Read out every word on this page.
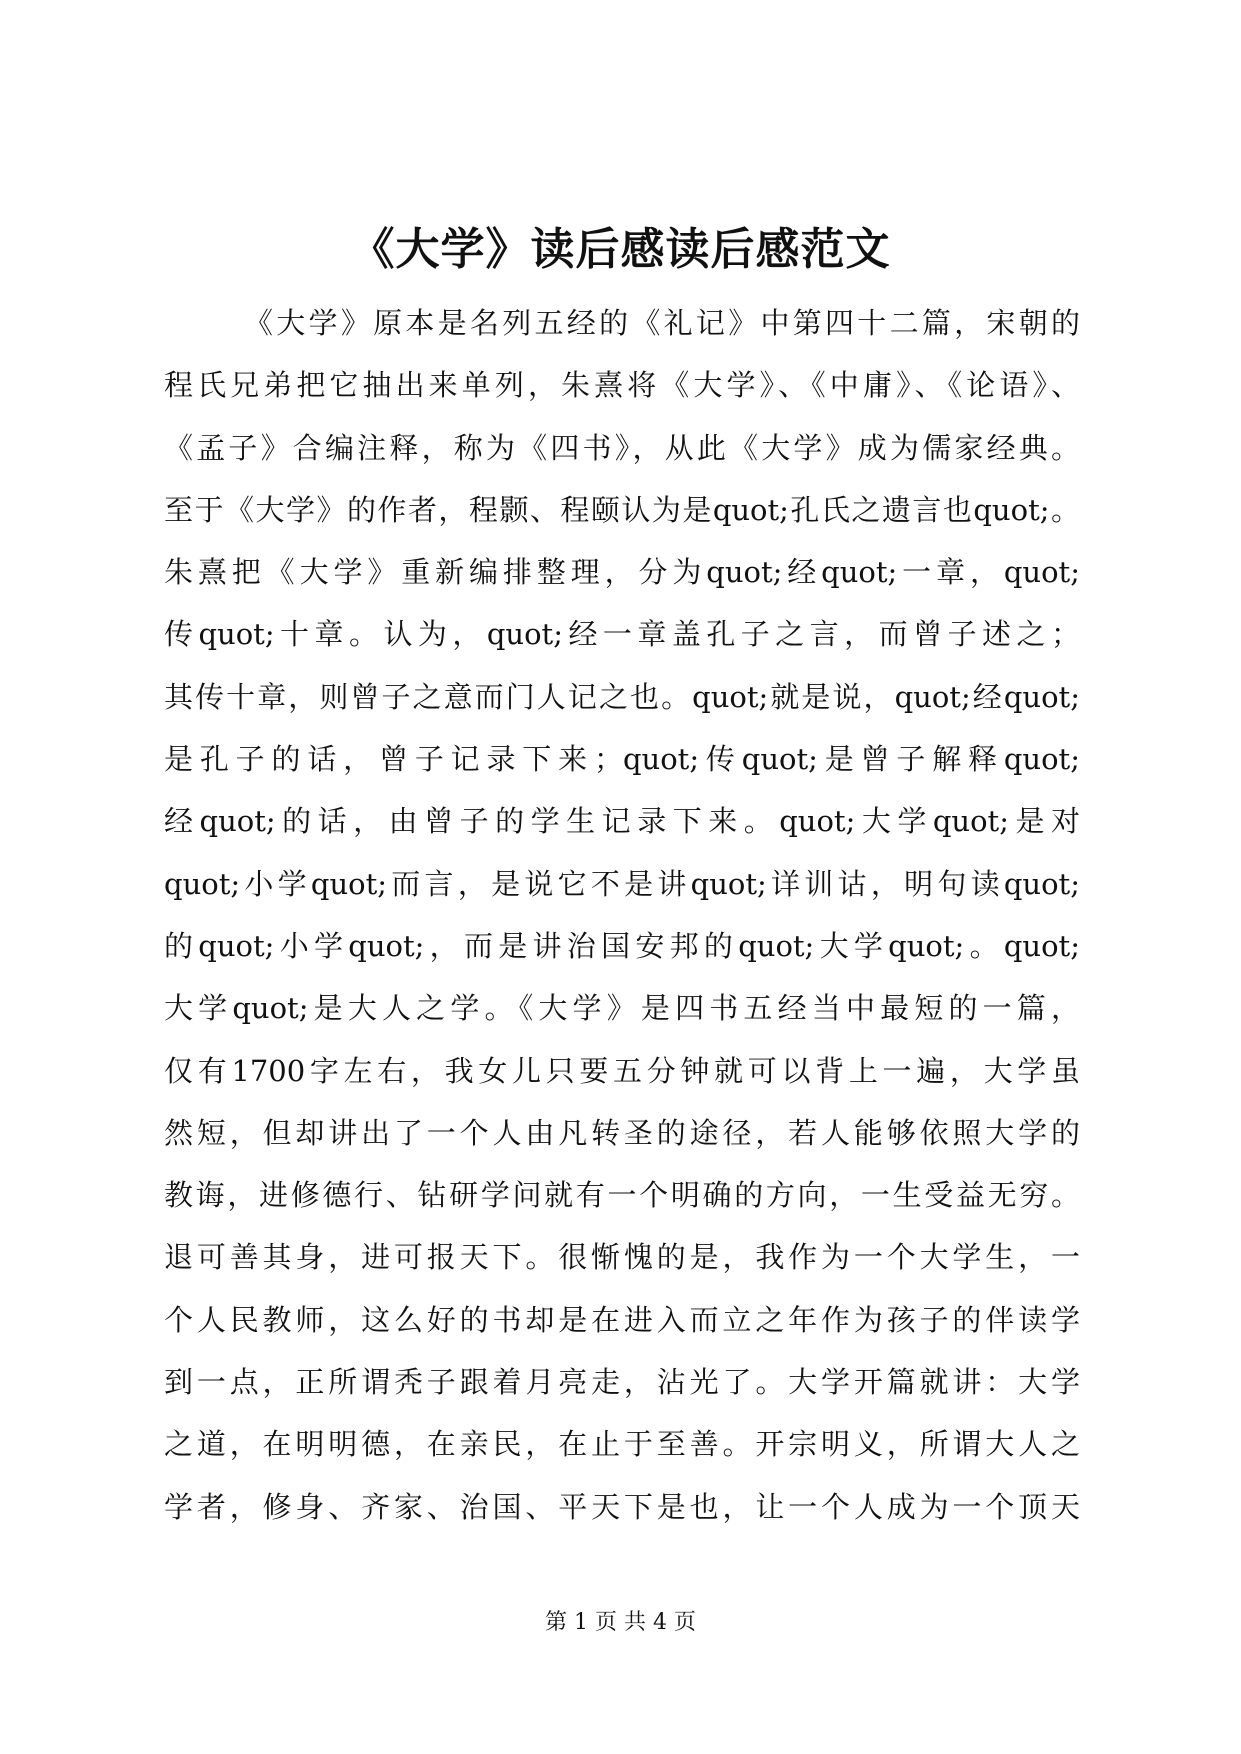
《大学》读后感读后感范文
《大学》原本是名列五经的《礼记》中第四十二篇，宋朝的
程氏兄弟把它抽出来单列，朱熹将《大学》、《中庸》、《论语》、
《孟子》合编注释，称为《四书》，从此《大学》成为儒家经典。
至于《大学》的作者，程颢、程颐认为是quot;孔氏之遗言也quot;。
朱熹把《大学》重新编排整理，分为quot;经quot;一章，quot;
传quot;十章。认为，quot;经一章盖孔子之言，而曾子述之；
其传十章，则曾子之意而门人记之也。quot;就是说，quot;经quot;
是孔子的话，曾子记录下来；quot;传quot;是曾子解释quot;
经quot;的话，由曾子的学生记录下来。quot;大学quot;是对
quot;小学quot;而言，是说它不是讲quot;详训诂，明句读quot;
的quot;小学quot;，而是讲治国安邦的quot;大学quot;。quot;
大学quot;是大人之学。《大学》是四书五经当中最短的一篇，
仅有1700字左右，我女儿只要五分钟就可以背上一遍，大学虽
然短，但却讲出了一个人由凡转圣的途径，若人能够依照大学的
教诲，进修德行、钻研学问就有一个明确的方向，一生受益无穷。
退可善其身，进可报天下。很惭愧的是，我作为一个大学生，一
个人民教师，这么好的书却是在进入而立之年作为孩子的伴读学
到一点，正所谓秃子跟着月亮走，沾光了。大学开篇就讲：大学
之道，在明明德，在亲民，在止于至善。开宗明义，所谓大人之
学者，修身、齐家、治国、平天下是也，让一个人成为一个顶天
第 1 页 共 4 页
